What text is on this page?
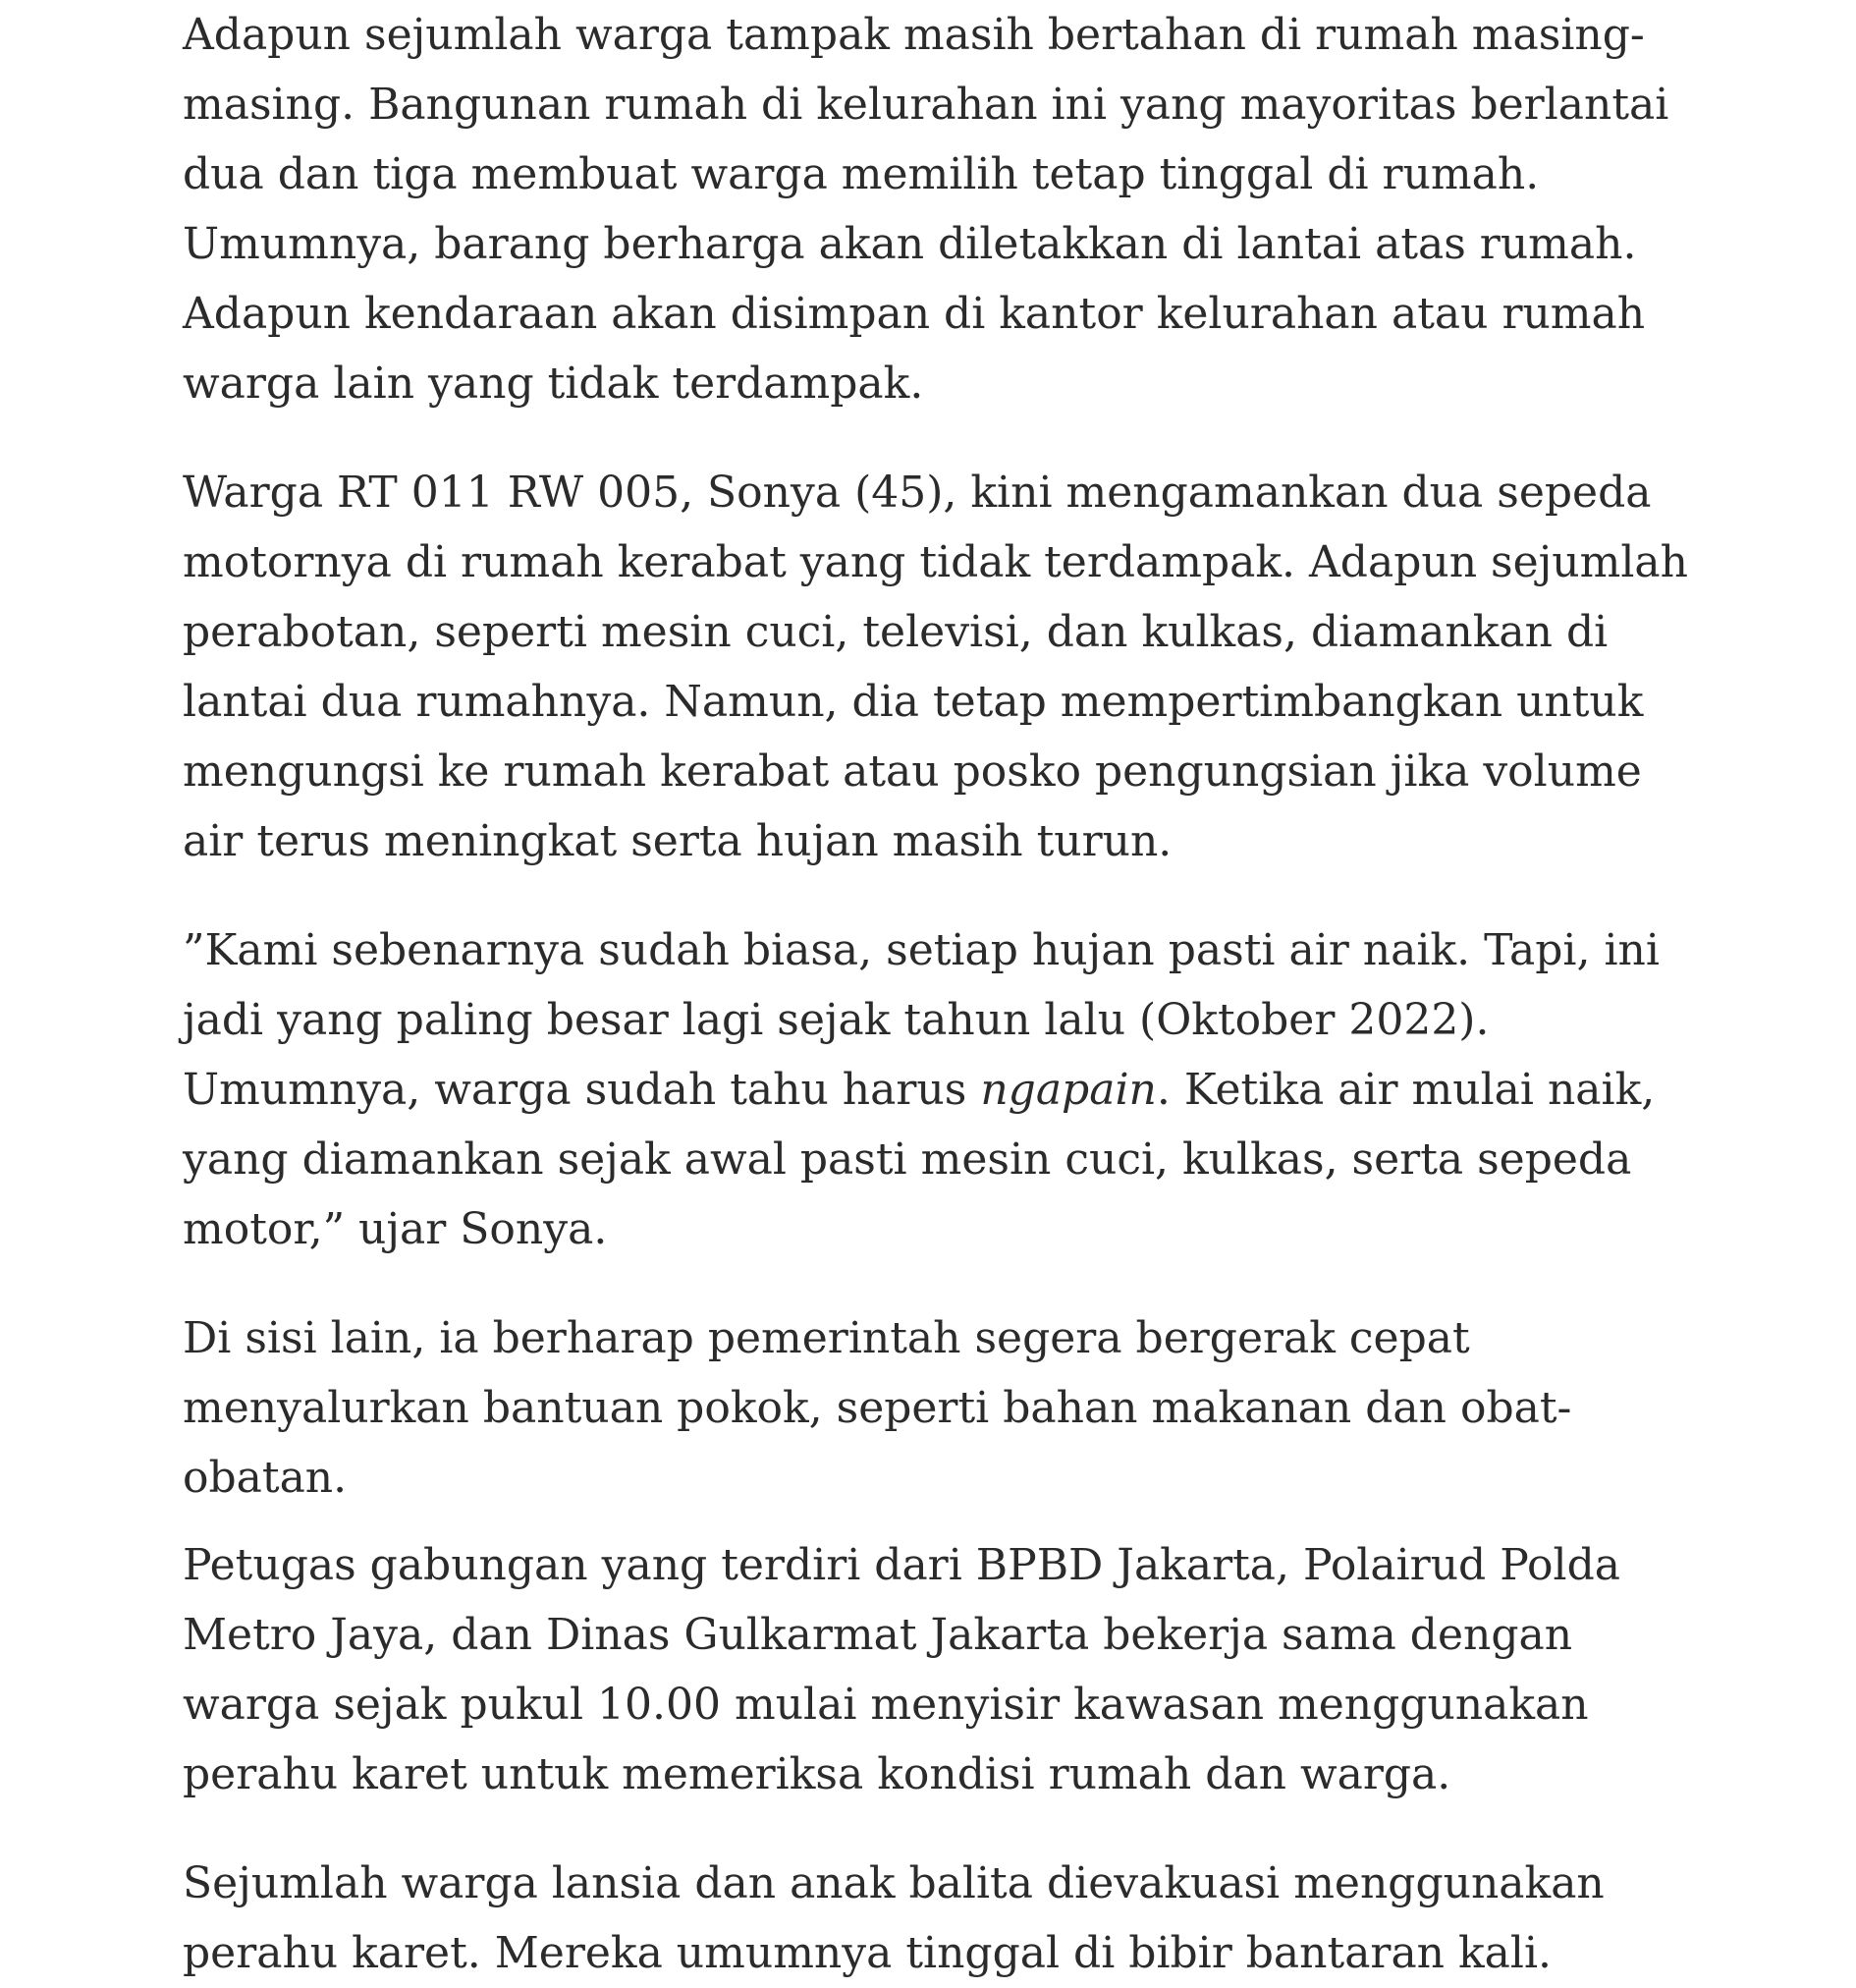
Adapun sejumlah warga tampak masih bertahan di rumah masing-masing. Bangunan rumah di kelurahan ini yang mayoritas berlantai dua dan tiga membuat warga memilih tetap tinggal di rumah. Umumnya, barang berharga akan diletakkan di lantai atas rumah. Adapun kendaraan akan disimpan di kantor kelurahan atau rumah warga lain yang tidak terdampak.

Warga RT 011 RW 005, Sonya (45), kini mengamankan dua sepeda motornya di rumah kerabat yang tidak terdampak. Adapun sejumlah perabotan, seperti mesin cuci, televisi, dan kulkas, diamankan di lantai dua rumahnya. Namun, dia tetap mempertimbangkan untuk mengungsi ke rumah kerabat atau posko pengungsian jika volume air terus meningkat serta hujan masih turun.

”Kami sebenarnya sudah biasa, setiap hujan pasti air naik. Tapi, ini jadi yang paling besar lagi sejak tahun lalu (Oktober 2022). Umumnya, warga sudah tahu harus ngapain. Ketika air mulai naik, yang diamankan sejak awal pasti mesin cuci, kulkas, serta sepeda motor,” ujar Sonya.

Di sisi lain, ia berharap pemerintah segera bergerak cepat menyalurkan bantuan pokok, seperti bahan makanan dan obat-obatan.

Petugas gabungan yang terdiri dari BPBD Jakarta, Polairud Polda Metro Jaya, dan Dinas Gulkarmat Jakarta bekerja sama dengan warga sejak pukul 10.00 mulai menyisir kawasan menggunakan perahu karet untuk memeriksa kondisi rumah dan warga.

Sejumlah warga lansia dan anak balita dievakuasi menggunakan perahu karet. Mereka umumnya tinggal di bibir bantaran kali.
